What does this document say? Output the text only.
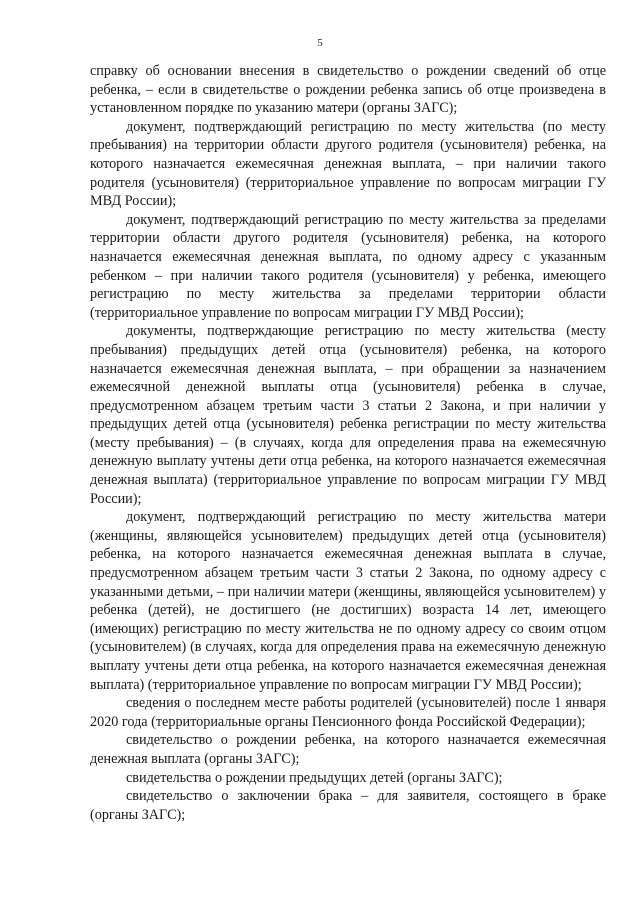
5

справку об основании внесения в свидетельство о рождении сведений об отце ребенка, – если в свидетельстве о рождении ребенка запись об отце произведена в установленном порядке по указанию матери (органы ЗАГС);

документ, подтверждающий регистрацию по месту жительства (по месту пребывания) на территории области другого родителя (усыновителя) ребенка, на которого назначается ежемесячная денежная выплата, – при наличии такого родителя (усыновителя) (территориальное управление по вопросам миграции ГУ МВД России);

документ, подтверждающий регистрацию по месту жительства за пределами территории области другого родителя (усыновителя) ребенка, на которого назначается ежемесячная денежная выплата, по одному адресу с указанным ребенком – при наличии такого родителя (усыновителя) у ребенка, имеющего регистрацию по месту жительства за пределами территории области (территориальное управление по вопросам миграции ГУ МВД России);

документы, подтверждающие регистрацию по месту жительства (месту пребывания) предыдущих детей отца (усыновителя) ребенка, на которого назначается ежемесячная денежная выплата, – при обращении за назначением ежемесячной денежной выплаты отца (усыновителя) ребенка в случае, предусмотренном абзацем третьим части 3 статьи 2 Закона, и при наличии у предыдущих детей отца (усыновителя) ребенка регистрации по месту жительства (месту пребывания) – (в случаях, когда для определения права на ежемесячную денежную выплату учтены дети отца ребенка, на которого назначается ежемесячная денежная выплата) (территориальное управление по вопросам миграции ГУ МВД России);

документ, подтверждающий регистрацию по месту жительства матери (женщины, являющейся усыновителем) предыдущих детей отца (усыновителя) ребенка, на которого назначается ежемесячная денежная выплата в случае, предусмотренном абзацем третьим части 3 статьи 2 Закона, по одному адресу с указанными детьми, – при наличии матери (женщины, являющейся усыновителем) у ребенка (детей), не достигшего (не достигших) возраста 14 лет, имеющего (имеющих) регистрацию по месту жительства не по одному адресу со своим отцом (усыновителем) (в случаях, когда для определения права на ежемесячную денежную выплату учтены дети отца ребенка, на которого назначается ежемесячная денежная выплата) (территориальное управление по вопросам миграции ГУ МВД России);

сведения о последнем месте работы родителей (усыновителей) после 1 января 2020 года (территориальные органы Пенсионного фонда Российской Федерации);

свидетельство о рождении ребенка, на которого назначается ежемесячная денежная выплата (органы ЗАГС);

свидетельства о рождении предыдущих детей (органы ЗАГС);

свидетельство о заключении брака – для заявителя, состоящего в браке (органы ЗАГС);
